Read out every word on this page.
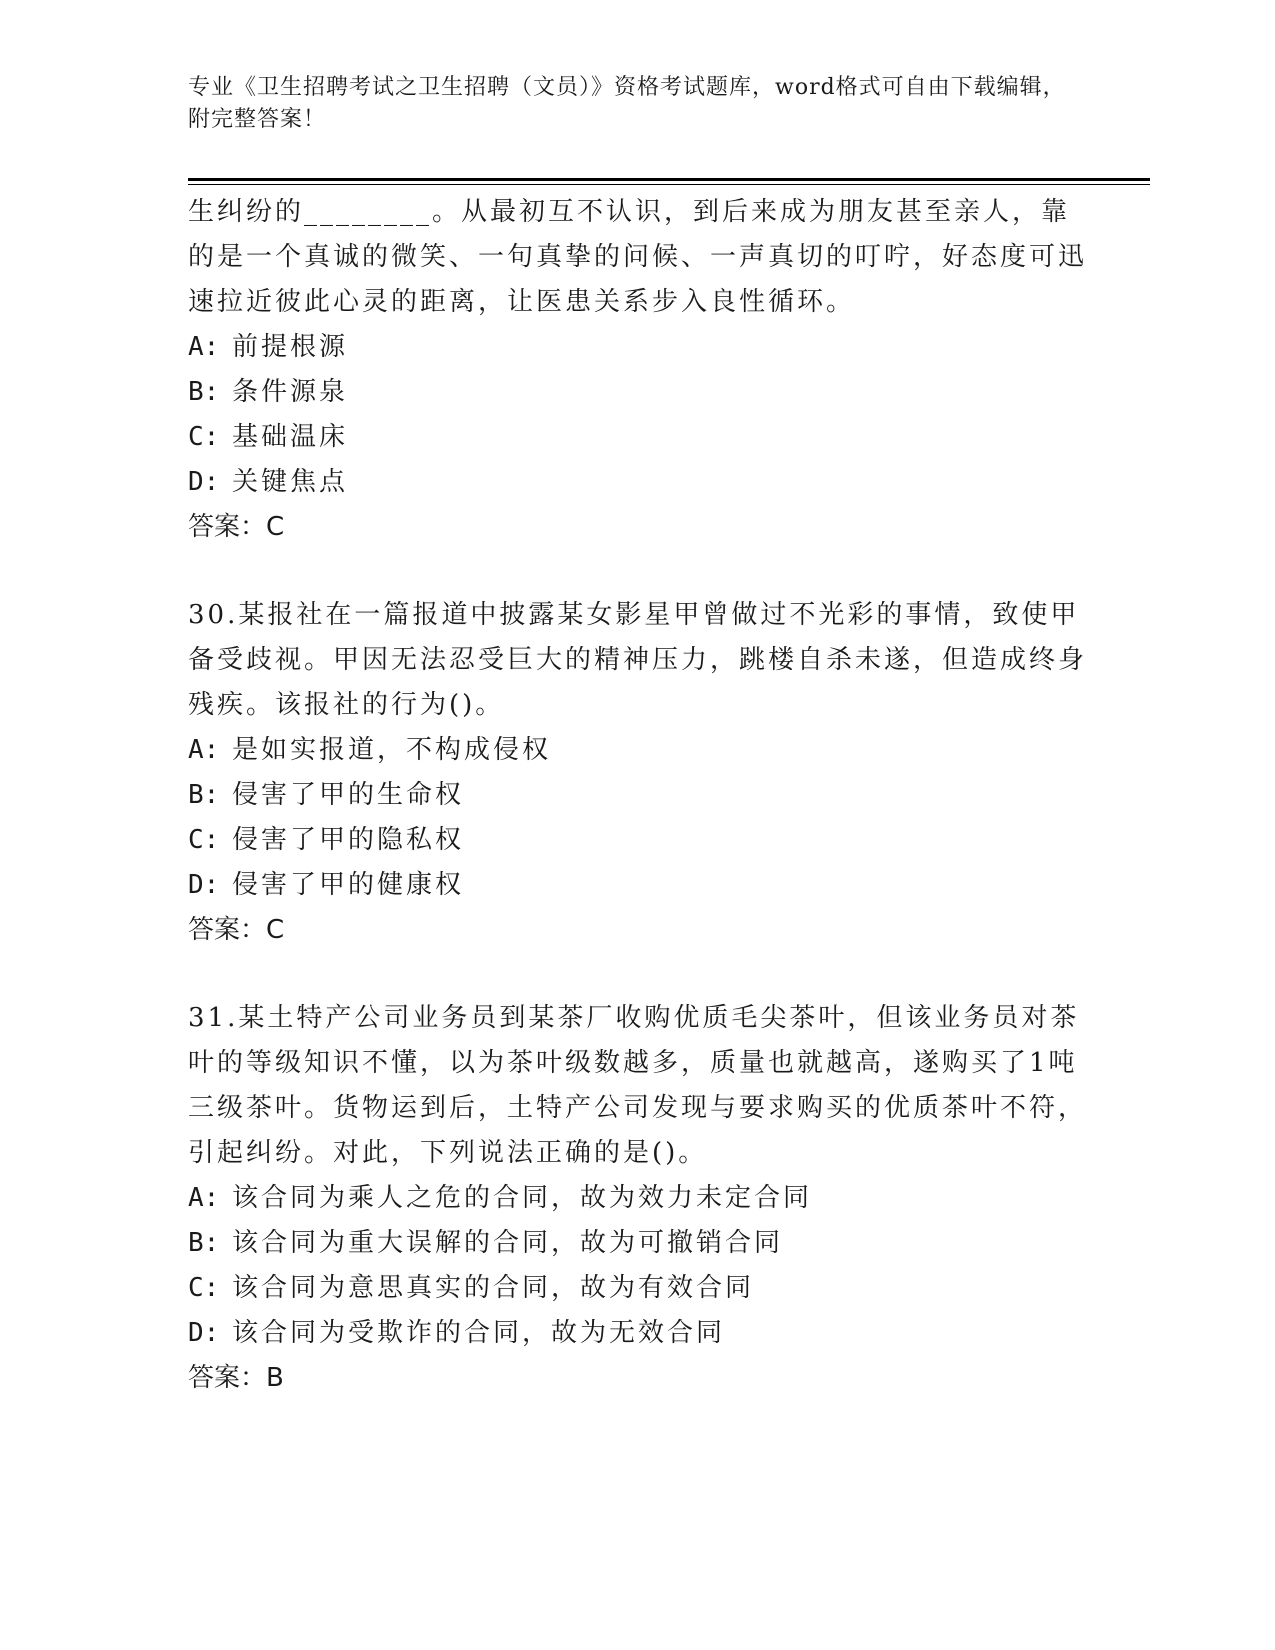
专业《卫生招聘考试之卫生招聘（文员）》资格考试题库，word格式可自由下载编辑，附完整答案！

生纠纷的________。从最初互不认识，到后来成为朋友甚至亲人，靠的是一个真诚的微笑、一句真挚的问候、一声真切的叮咛，好态度可迅速拉近彼此心灵的距离，让医患关系步入良性循环。

A: 前提根源

B: 条件源泉

C: 基础温床

D: 关键焦点

答案：C

30.某报社在一篇报道中披露某女影星甲曾做过不光彩的事情，致使甲备受歧视。甲因无法忍受巨大的精神压力，跳楼自杀未遂，但造成终身残疾。该报社的行为()。

A: 是如实报道，不构成侵权

B: 侵害了甲的生命权

C: 侵害了甲的隐私权

D: 侵害了甲的健康权

答案：C

31.某土特产公司业务员到某茶厂收购优质毛尖茶叶，但该业务员对茶叶的等级知识不懂，以为茶叶级数越多，质量也就越高，遂购买了1吨三级茶叶。货物运到后，土特产公司发现与要求购买的优质茶叶不符，引起纠纷。对此，下列说法正确的是()。

A: 该合同为乘人之危的合同，故为效力未定合同

B: 该合同为重大误解的合同，故为可撤销合同

C: 该合同为意思真实的合同，故为有效合同

D: 该合同为受欺诈的合同，故为无效合同

答案：B
